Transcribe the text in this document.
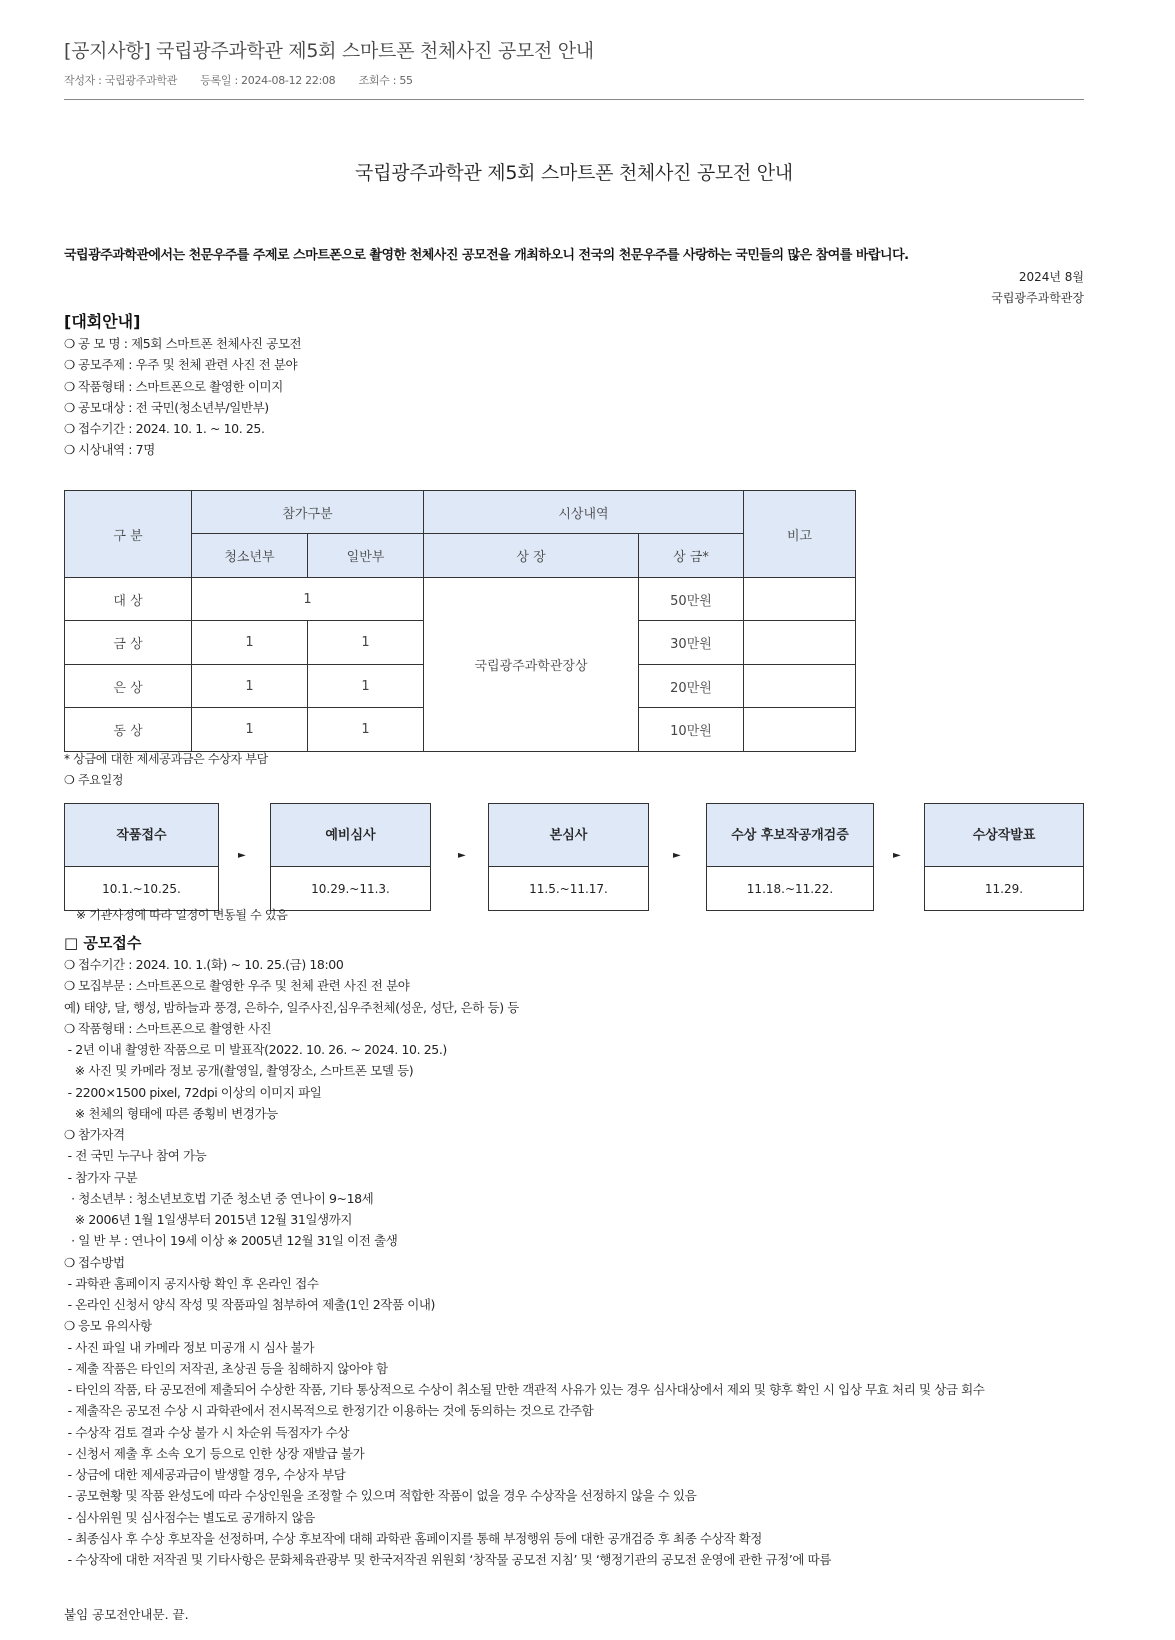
[공지사항] 국립광주과학관 제5회 스마트폰 천체사진 공모전 안내
작성자 : 국립광주과학관 등록일 : 2024-08-12 22:08 조회수 : 55
국립광주과학관 제5회 스마트폰 천체사진 공모전 안내
국립광주과학관에서는 천문우주를 주제로 스마트폰으로 촬영한 천체사진 공모전을 개최하오니 전국의 천문우주를 사랑하는 국민들의 많은 참여를 바랍니다.
2024년 8월
국립광주과학관장
[대회안내]
❍ 공 모 명 : 제5회 스마트폰 천체사진 공모전
❍ 공모주제 : 우주 및 천체 관련 사진 전 분야
❍ 작품형태 : 스마트폰으로 촬영한 이미지
❍ 공모대상 : 전 국민(청소년부/일반부)
❍ 접수기간 : 2024. 10. 1. ~ 10. 25.
❍ 시상내역 : 7명
구 분	참가구분		시상내역		비고
	청소년부	일반부	상 장	상 금*	
대 상	1		국립광주과학관장상	50만원	
금 상	1	1		30만원	
은 상	1	1		20만원	
동 상	1	1		10만원	
* 상금에 대한 제세공과금은 수상자 부담
❍ 주요일정
작품접수
10.1.~10.25.
►
예비심사
10.29.~11.3.
►
본심사
11.5.~11.17.
►
수상 후보작 공개검증
11.18.~11.22.
►
수상작 발표
11.29.
※ 기관사정에 따라 일정이 변동될 수 있음
□ 공모접수
❍ 접수기간 : 2024. 10. 1.(화) ~ 10. 25.(금) 18:00
❍ 모집부문 : 스마트폰으로 촬영한 우주 및 천체 관련 사진 전 분야
예) 태양, 달, 행성, 밤하늘과 풍경, 은하수, 일주사진,심우주천체(성운, 성단, 은하 등) 등
❍ 작품형태 : 스마트폰으로 촬영한 사진
- 2년 이내 촬영한 작품으로 미 발표작(2022. 10. 26. ~ 2024. 10. 25.)
※ 사진 및 카메라 정보 공개(촬영일, 촬영장소, 스마트폰 모델 등)
- 2200×1500 pixel, 72dpi 이상의 이미지 파일
※ 천체의 형태에 따른 종횡비 변경가능
❍ 참가자격
- 전 국민 누구나 참여 가능
- 참가자 구분
· 청소년부 : 청소년보호법 기준 청소년 중 연나이 9~18세
※ 2006년 1월 1일생부터 2015년 12월 31일생까지
· 일 반 부 : 연나이 19세 이상 ※ 2005년 12월 31일 이전 출생
❍ 접수방법
- 과학관 홈페이지 공지사항 확인 후 온라인 접수
- 온라인 신청서 양식 작성 및 작품파일 첨부하여 제출(1인 2작품 이내)
❍ 응모 유의사항
- 사진 파일 내 카메라 정보 미공개 시 심사 불가
- 제출 작품은 타인의 저작권, 초상권 등을 침해하지 않아야 함
- 타인의 작품, 타 공모전에 제출되어 수상한 작품, 기타 통상적으로 수상이 취소될 만한 객관적 사유가 있는 경우 심사대상에서 제외 및 향후 확인 시 입상 무효 처리 및 상금 회수
- 제출작은 공모전 수상 시 과학관에서 전시목적으로 한정기간 이용하는 것에 동의하는 것으로 간주함
- 수상작 검토 결과 수상 불가 시 차순위 득점자가 수상
- 신청서 제출 후 소속 오기 등으로 인한 상장 재발급 불가
- 상금에 대한 제세공과금이 발생할 경우, 수상자 부담
- 공모현황 및 작품 완성도에 따라 수상인원을 조정할 수 있으며 적합한 작품이 없을 경우 수상작을 선정하지 않을 수 있음
- 심사위원 및 심사점수는 별도로 공개하지 않음
- 최종심사 후 수상 후보작을 선정하며, 수상 후보작에 대해 과학관 홈페이지를 통해 부정행위 등에 대한 공개검증 후 최종 수상작 확정
- 수상작에 대한 저작권 및 기타사항은 문화체육관광부 및 한국저작권 위원회 ‘창작물 공모전 지침’ 및 ‘행정기관의 공모전 운영에 관한 규정’에 따름
붙임 공모전안내문. 끝.
